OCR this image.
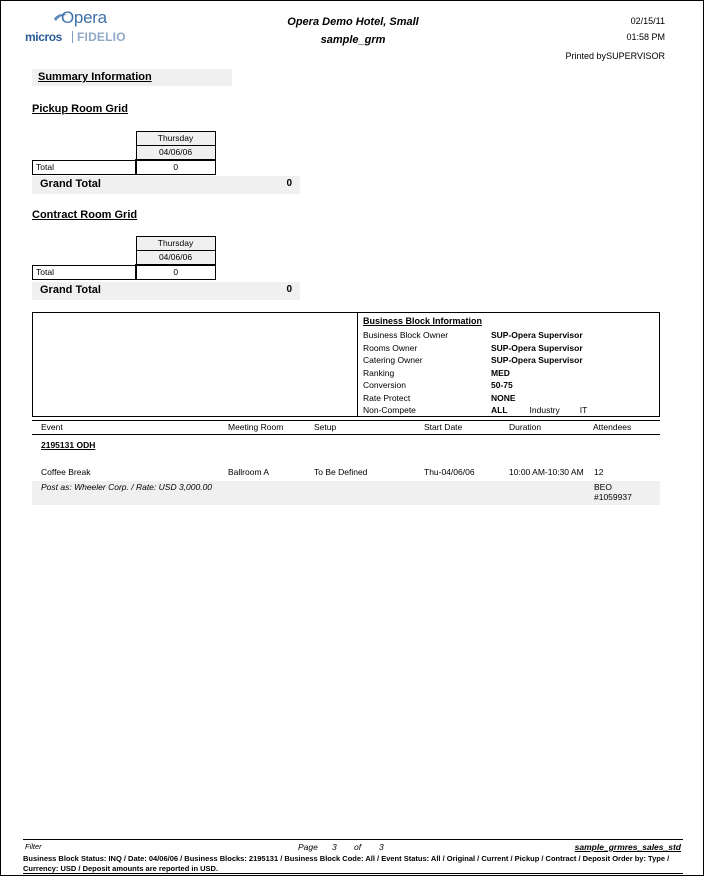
Opera
micros FIDELIO
Opera Demo Hotel, Small
sample_grm
02/15/11
01:58 PM
Printed by SUPERVISOR
Summary Information
Pickup Room Grid
	Thursday
	04/06/06
Total	0
Grand Total	0
Contract Room Grid
	Thursday
	04/06/06
Total	0
Grand Total	0
Business Block Information
Business Block Owner	SUP-Opera Supervisor
Rooms Owner	SUP-Opera Supervisor
Catering Owner	SUP-Opera Supervisor
Ranking	MED
Conversion	50-75
Rate Protect	NONE
Non-Compete	ALL	Industry IT
Event	Meeting Room	Setup	Start Date	Duration	Attendees
2195131 ODH
Coffee Break	Ballroom A	To Be Defined	Thu-04/06/06	10:00 AM-10:30 AM 12
Post as: Wheeler Corp. / Rate: USD 3,000.00	BEO
#1059937
Filter	Page 3 of 3	sample_grmres_sales_std
Business Block Status: INQ / Date: 04/06/06 / Business Blocks: 2195131 / Business Block Code: All / Event Status: All / Original / Current / Pickup / Contract / Deposit Order by: Type / Currency: USD / Deposit amounts are reported in USD.
